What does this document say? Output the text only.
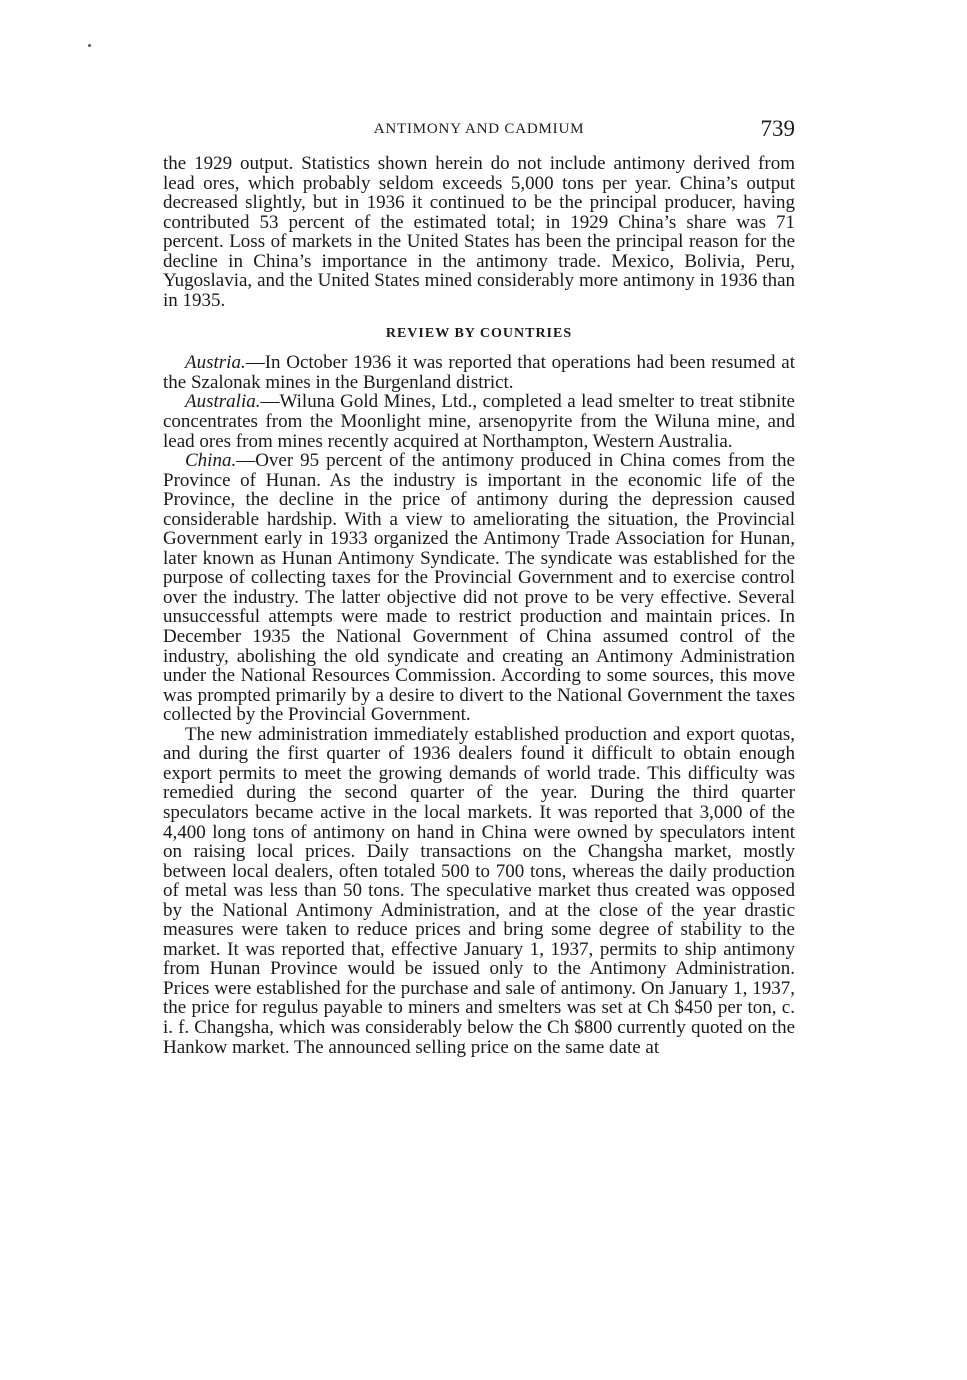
ANTIMONY AND CADMIUM	739

the 1929 output. Statistics shown herein do not include antimony derived from lead ores, which probably seldom exceeds 5,000 tons per year. China’s output decreased slightly, but in 1936 it continued to be the principal producer, having contributed 53 percent of the estimated total; in 1929 China’s share was 71 percent. Loss of markets in the United States has been the principal reason for the decline in China’s importance in the antimony trade. Mexico, Bolivia, Peru, Yugoslavia, and the United States mined considerably more antimony in 1936 than in 1935.

REVIEW BY COUNTRIES

Austria.—In October 1936 it was reported that operations had been resumed at the Szalonak mines in the Burgenland district.

Australia.—Wiluna Gold Mines, Ltd., completed a lead smelter to treat stibnite concentrates from the Moonlight mine, arsenopyrite from the Wiluna mine, and lead ores from mines recently acquired at Northampton, Western Australia.

China.—Over 95 percent of the antimony produced in China comes from the Province of Hunan. As the industry is important in the economic life of the Province, the decline in the price of antimony during the depression caused considerable hardship. With a view to ameliorating the situation, the Provincial Government early in 1933 organized the Antimony Trade Association for Hunan, later known as Hunan Antimony Syndicate. The syndicate was established for the purpose of collecting taxes for the Provincial Government and to exercise control over the industry. The latter objective did not prove to be very effective. Several unsuccessful attempts were made to restrict production and maintain prices. In December 1935 the National Government of China assumed control of the industry, abolishing the old syndicate and creating an Antimony Administration under the National Resources Commission. According to some sources, this move was prompted primarily by a desire to divert to the National Government the taxes collected by the Provincial Government.

The new administration immediately established production and export quotas, and during the first quarter of 1936 dealers found it difficult to obtain enough export permits to meet the growing demands of world trade. This difficulty was remedied during the second quarter of the year. During the third quarter speculators became active in the local markets. It was reported that 3,000 of the 4,400 long tons of antimony on hand in China were owned by speculators intent on raising local prices. Daily transactions on the Changsha market, mostly between local dealers, often totaled 500 to 700 tons, whereas the daily production of metal was less than 50 tons. The speculative market thus created was opposed by the National Antimony Administration, and at the close of the year drastic measures were taken to reduce prices and bring some degree of stability to the market. It was reported that, effective January 1, 1937, permits to ship antimony from Hunan Province would be issued only to the Antimony Administration. Prices were established for the purchase and sale of antimony. On January 1, 1937, the price for regulus payable to miners and smelters was set at Ch $450 per ton, c. i. f. Changsha, which was considerably below the Ch $800 currently quoted on the Hankow market. The announced selling price on the same date at
